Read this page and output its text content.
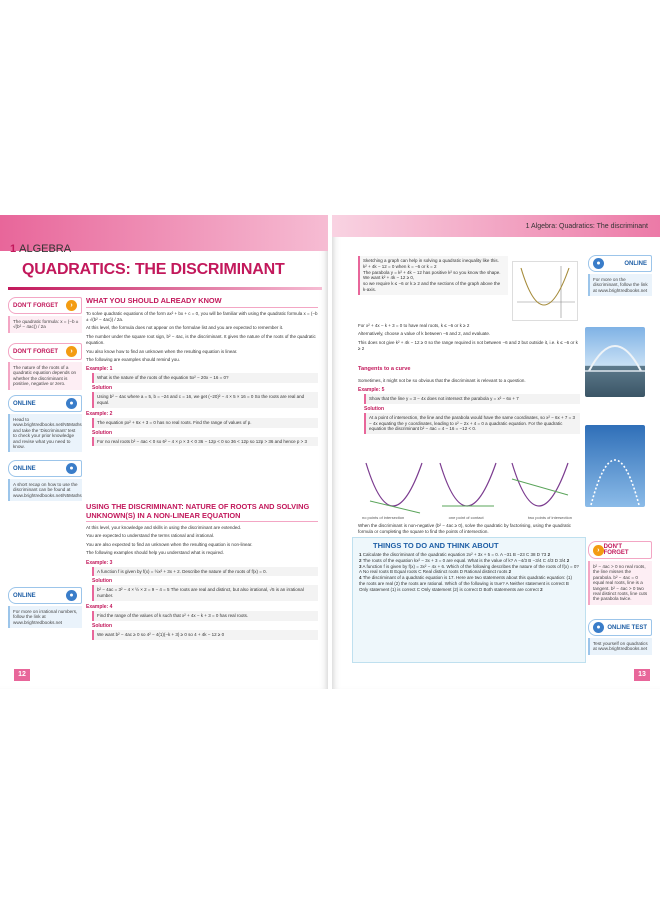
1 ALGEBRA
QUADRATICS: THE DISCRIMINANT
DON'T FORGET	›
The quadratic formula: x = (−b ± √(b² − 4ac)) / 2a
DON'T FORGET	›
The nature of the roots of a quadratic equation depends on whether the discriminant is positive, negative or zero.
ONLINE	●
Head to www.brightredbooks.net/N5Maths and take the 'Discriminant' test to check your prior knowledge and revise what you need to know.
ONLINE	●
A short recap on how to use the discriminant can be found at www.brightredbooks.net/N5Maths
ONLINE	●
For more on irrational numbers, follow the link at www.brightredbooks.net
WHAT YOU SHOULD ALREADY KNOW
To solve quadratic equations of the form ax² + bx + c = 0, you will be familiar with using the quadratic formula x = (−b ± √(b² − 4ac)) / 2a.
At this level, the formula does not appear on the formulae list and you are expected to remember it.
The number under the square root sign, b² − 4ac, is the discriminant. It gives the nature of the roots of the quadratic equation.
You also know how to find an unknown when the resulting equation is linear.
The following are examples should remind you.
Example: 1
What is the nature of the roots of the equation 5x² − 20x − 16 = 0?
Solution
Using b² − 4ac where a = 5, b = −24 and c = 16, we get (−20)² − 4 × 5 × 16 = 0 So the roots are real and equal.
Example: 2
The equation px² + 6x + 3 = 0 has no real roots. Find the range of values of p.
Solution
For no real roots b² − 4ac < 0 so 6² − 4 × p × 3 < 0 36 − 12p < 0 so 36 < 12p so 12p > 36 and hence p > 3
USING THE DISCRIMINANT: NATURE OF ROOTS AND SOLVING UNKNOWN(S) IN A NON-LINEAR EQUATION
At this level, your knowledge and skills in using the discriminant are extended.
You are expected to understand the terms rational and irrational.
You are also expected to find an unknown when the resulting equation is non-linear.
The following examples should help you understand what is required.
Example: 3
A function f is given by f(x) = ½x² + 3x + 2. Describe the nature of the roots of f(x) = 0.
Solution
b² − 4ac = 3² − 4 × ½ × 2 = 9 − 4 = 5 The roots are real and distinct, but also irrational, √5 is an irrational number.
Example: 4
Find the range of the values of k such that x² + 4x − k + 3 = 0 has real roots.
Solution
We want b² − 4ac ≥ 0 so 4² − 4(1)(−k + 3) ≥ 0 so 4 + 4k − 12 ≥ 0
12
1 Algebra: Quadratics: The discriminant
Sketching a graph can help in solving a quadratic inequality like this.
k² + 4k − 12 = 0 when k = −6 or k = 2
The parabola y = k² + 4k − 12 has positive k² so you know the shape.
We want k² + 4k − 12 ≥ 0,
so we require k ≤ −6 or k ≥ 2 and the sections of the graph above the k-axis.
For x² + 4x − k + 3 = 0 to have real roots, k ≤ −6 or k ≥ 2
Alternatively, choose a value of k between −6 and 2, and evaluate.
This does not give k² + 4k − 12 ≥ 0 so the range required is not between −6 and 2 but outside it, i.e. k ≤ −6 or k ≥ 2
Tangents to a curve
Sometimes, it might not be so obvious that the discriminant is relevant to a question.
Example: 5
Show that the line y = 3 − 4x does not intersect the parabola y = x² − 6x + 7
Solution
At a point of intersection, the line and the parabola would have the same coordinates, so x² − 6x + 7 = 3 − 4x equating the y coordinates, leading to x² − 2x + 4 = 0 a quadratic equation. For the quadratic equation the discriminant b² − 4ac = 4 − 16 = −12 < 0.
no points of intersection	one point of contact	two points of intersection
When the discriminant is non-negative (b² − 4ac ≥ 0), solve the quadratic by factorising, using the quadratic formula or completing the square to find the points of intersection.
●	ONLINE
For more on the discriminant, follow the link at www.brightredbooks.net
› DON'T FORGET
b² − 4ac > 0 no real roots, the line misses the parabola. b² − 4ac = 0 equal real roots, line is a tangent. b² − 4ac > 0 two real distinct roots, line cuts the parabola twice.
●	ONLINE TEST
Test yourself on quadratics at www.brightredbooks.net
THINGS TO DO AND THINK ABOUT
1 Calculate the discriminant of the quadratic equation 2x² + 3x + 5 = 0. A −31 B −23 C 38 D 73 2
2 The roots of the equation kx² − 3x + 3 = 0 are equal. What is the value of k? A −4/3 B −3/4 C 4/3 D 3/4 2
3 A function f is given by f(x) = 3x² − 4x + 6. Which of the following describes the nature of the roots of f(x) = 0? A No real roots B Equal roots C Real distinct roots D Rational distinct roots 2
4 The discriminant of a quadratic equation is 17. Here are two statements about this quadratic equation: (1) the roots are real (2) the roots are rational. Which of the following is true? A Neither statement is correct B Only statement (1) is correct C Only statement (2) is correct D Both statements are correct 2
13
